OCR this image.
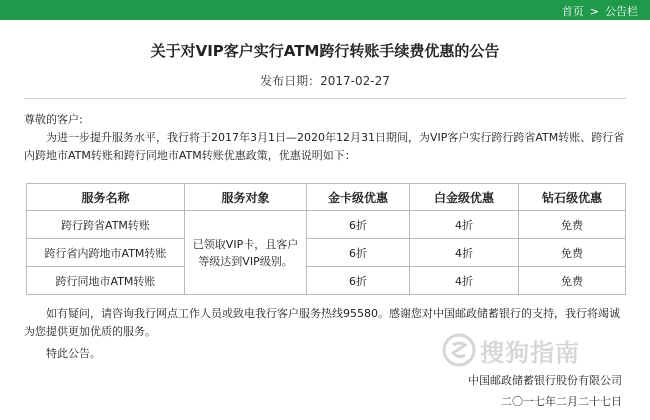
首页 > 公告栏
关于对VIP客户实行ATM跨行转账手续费优惠的公告
发布日期：2017-02-27
尊敬的客户:
为进一步提升服务水平，我行将于2017年3月1日—2020年12月31日期间，为VIP客户实行跨行跨省ATM转账、跨行省内跨地市ATM转账和跨行同地市ATM转账优惠政策，优惠说明如下：
服务名称	服务对象	金卡级优惠	白金级优惠	钻石级优惠
跨行跨省ATM转账	已领取VIP卡，且客户等级达到VIP级别。	6折	4折	免费
跨行省内跨地市ATM转账		6折	4折	免费
跨行同地市ATM转账		6折	4折	免费
如有疑问，请咨询我行网点工作人员或致电我行客户服务热线95580。感谢您对中国邮政储蓄银行的支持，我行将竭诚为您提供更加优质的服务。
特此公告。	搜狗指南
中国邮政储蓄银行股份有限公司
二〇一七年二月二十七日
